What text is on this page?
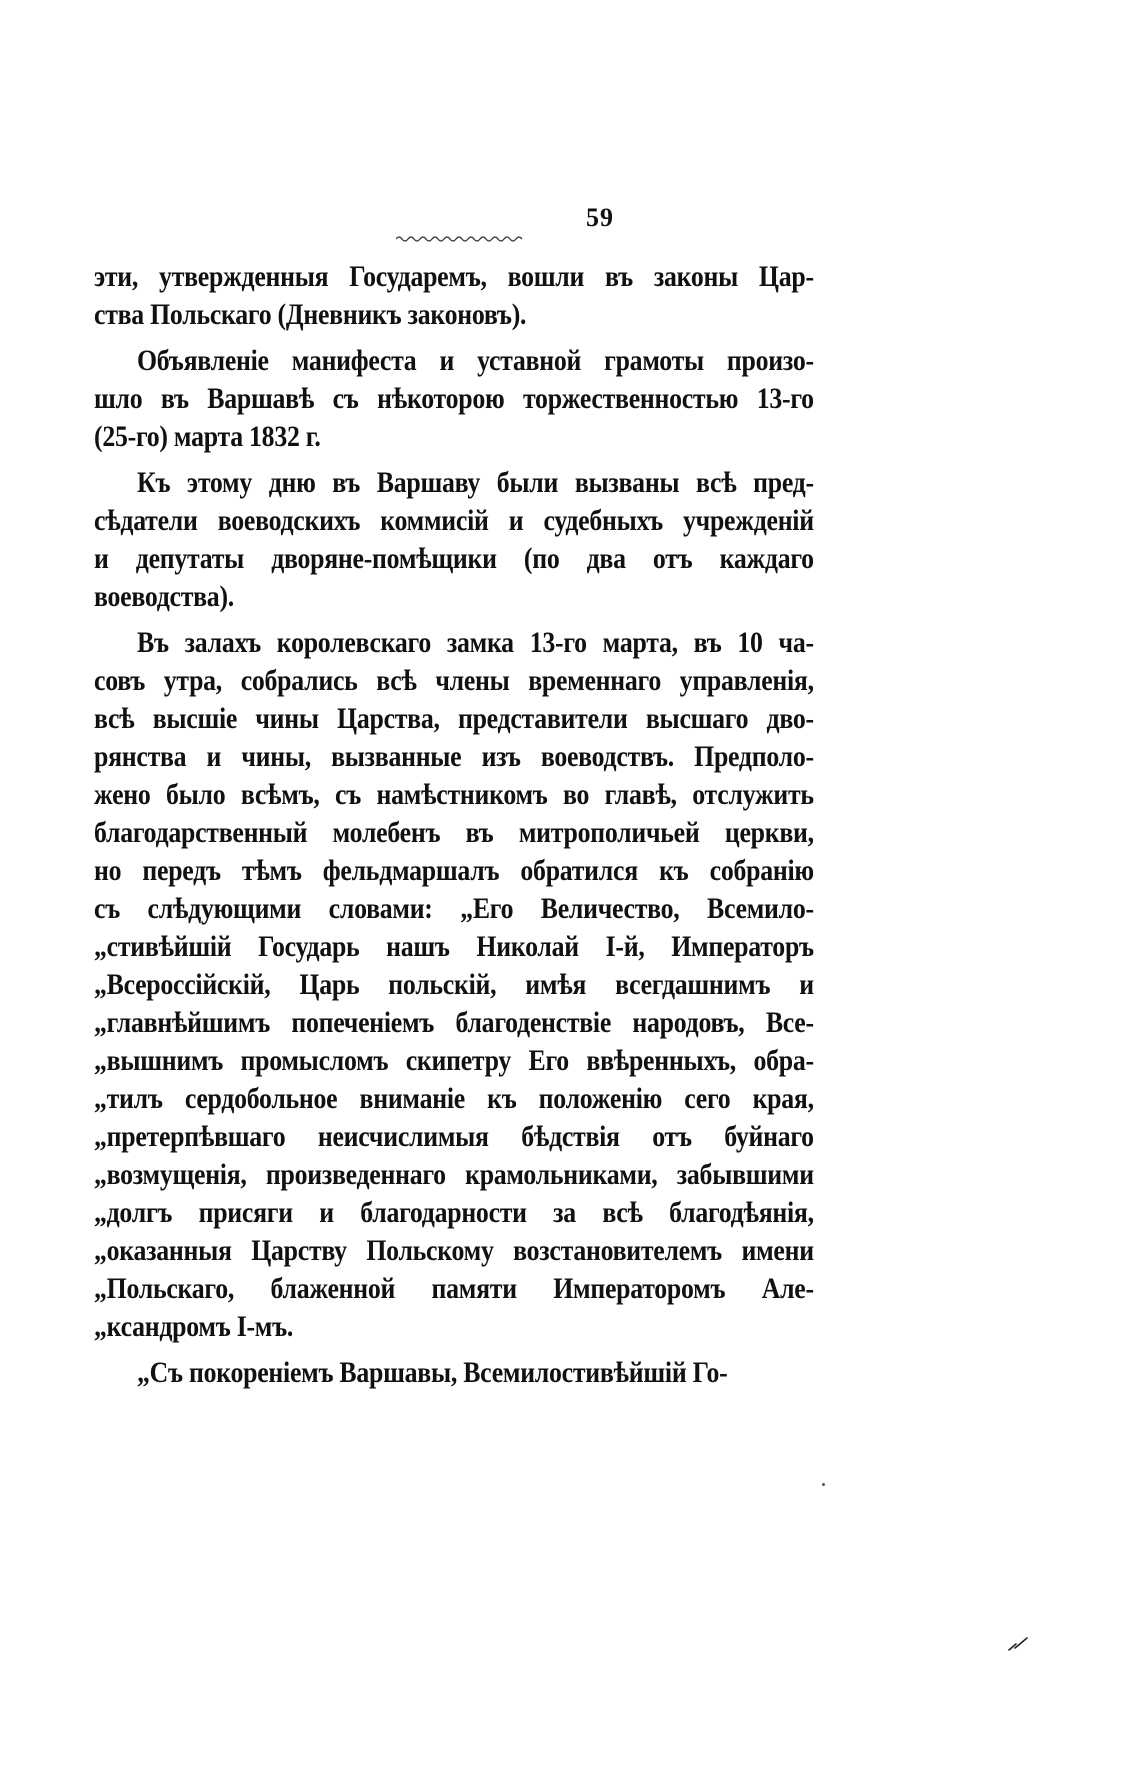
59
эти, утвержденныя Государемъ, вошли въ законы Цар-
ства Польскаго (Дневникъ законовъ).
Объявленіе манифеста и уставной грамоты произо-
шло въ Варшавѣ съ нѣкоторою торжественностью 13-го
(25-го) марта 1832 г.
Къ этому дню въ Варшаву были вызваны всѣ пред-
сѣдатели воеводскихъ коммисій и судебныхъ учрежденій
и депутаты дворяне-помѣщики (по два отъ каждаго
воеводства).
Въ залахъ королевскаго замка 13-го марта, въ 10 ча-
совъ утра, собрались всѣ члены временнаго управленія,
всѣ высшіе чины Царства, представители высшаго дво-
рянства и чины, вызванные изъ воеводствъ. Предполо-
жено было всѣмъ, съ намѣстникомъ во главѣ, отслужить
благодарственный молебенъ въ митрополичьей церкви,
но передъ тѣмъ фельдмаршалъ обратился къ собранію
съ слѣдующими словами: „Его Величество, Всемило-
„стивѣйшій Государь нашъ Николай І-й, Императоръ
„Всероссійскій, Царь польскій, имѣя всегдашнимъ и
„главнѣйшимъ попеченіемъ благоденствіе народовъ, Все-
„вышнимъ промысломъ скипетру Его ввѣренныхъ, обра-
„тилъ сердобольное вниманіе къ положенію сего края,
„претерпѣвшаго неисчислимыя бѣдствія отъ буйнаго
„возмущенія, произведеннаго крамольниками, забывшими
„долгъ присяги и благодарности за всѣ благодѣянія,
„оказанныя Царству Польскому возстановителемъ имени
„Польскаго, блаженной памяти Императоромъ Але-
„ксандромъ І-мъ.
„Съ покореніемъ Варшавы, Всемилостивѣйшій Го-
